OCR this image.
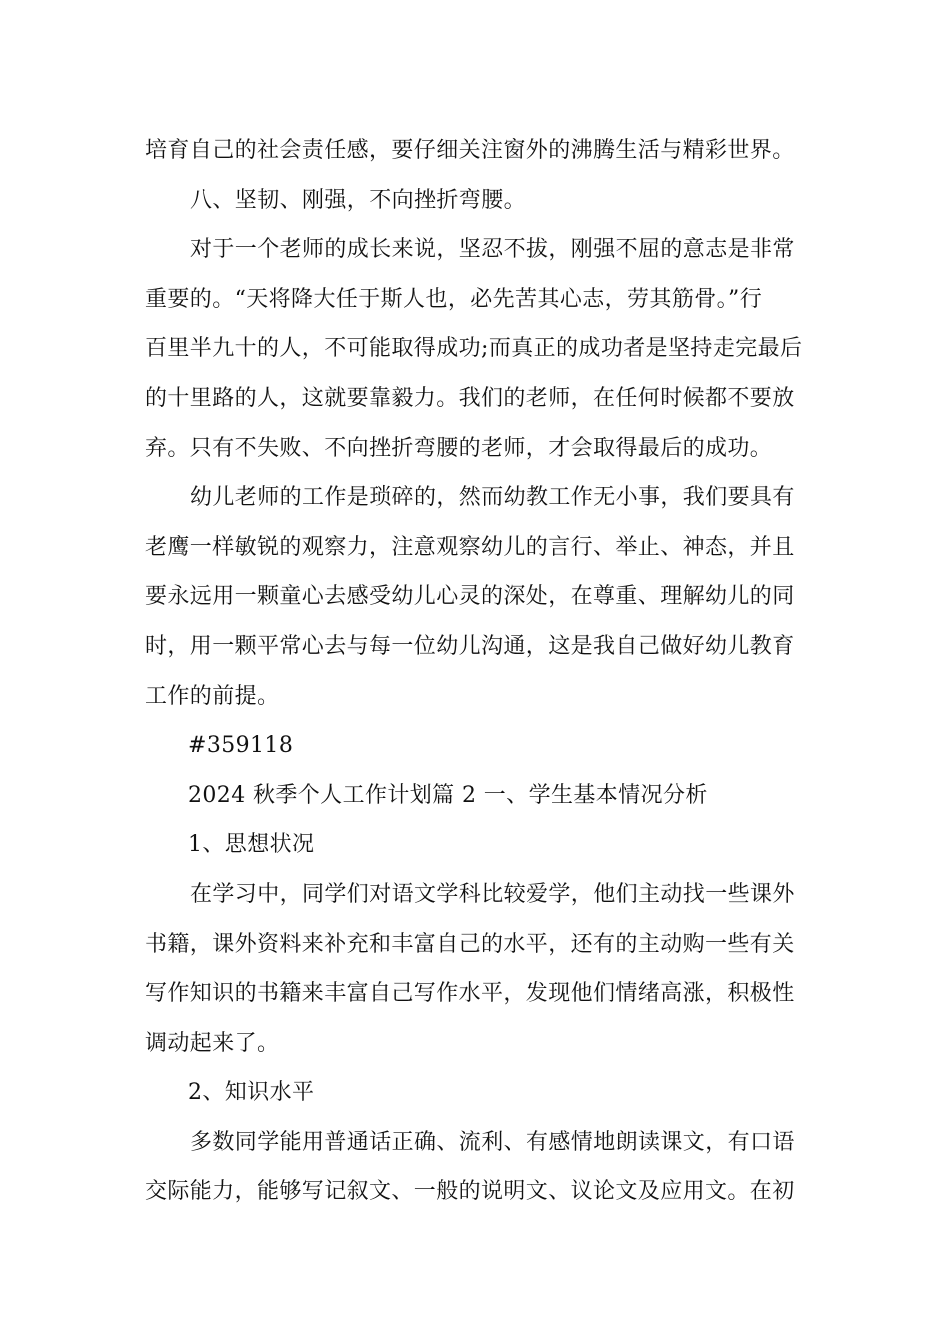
培育自己的社会责任感，要仔细关注窗外的沸腾生活与精彩世界。
八、坚韧、刚强，不向挫折弯腰。
对于一个老师的成长来说，坚忍不拔，刚强不屈的意志是非常
重要的。“天将降大任于斯人也，必先苦其心志，劳其筋骨。”行
百里半九十的人，不可能取得成功;而真正的成功者是坚持走完最后
的十里路的人，这就要靠毅力。我们的老师，在任何时候都不要放
弃。只有不失败、不向挫折弯腰的老师，才会取得最后的成功。
幼儿老师的工作是琐碎的，然而幼教工作无小事，我们要具有
老鹰一样敏锐的观察力，注意观察幼儿的言行、举止、神态，并且
要永远用一颗童心去感受幼儿心灵的深处，在尊重、理解幼儿的同
时，用一颗平常心去与每一位幼儿沟通，这是我自己做好幼儿教育
工作的前提。
#359118
2024 秋季个人工作计划篇 2 一、学生基本情况分析
1、思想状况
在学习中，同学们对语文学科比较爱学，他们主动找一些课外
书籍，课外资料来补充和丰富自己的水平，还有的主动购一些有关
写作知识的书籍来丰富自己写作水平，发现他们情绪高涨，积极性
调动起来了。
2、知识水平
多数同学能用普通话正确、流利、有感情地朗读课文，有口语
交际能力，能够写记叙文、一般的说明文、议论文及应用文。在初
